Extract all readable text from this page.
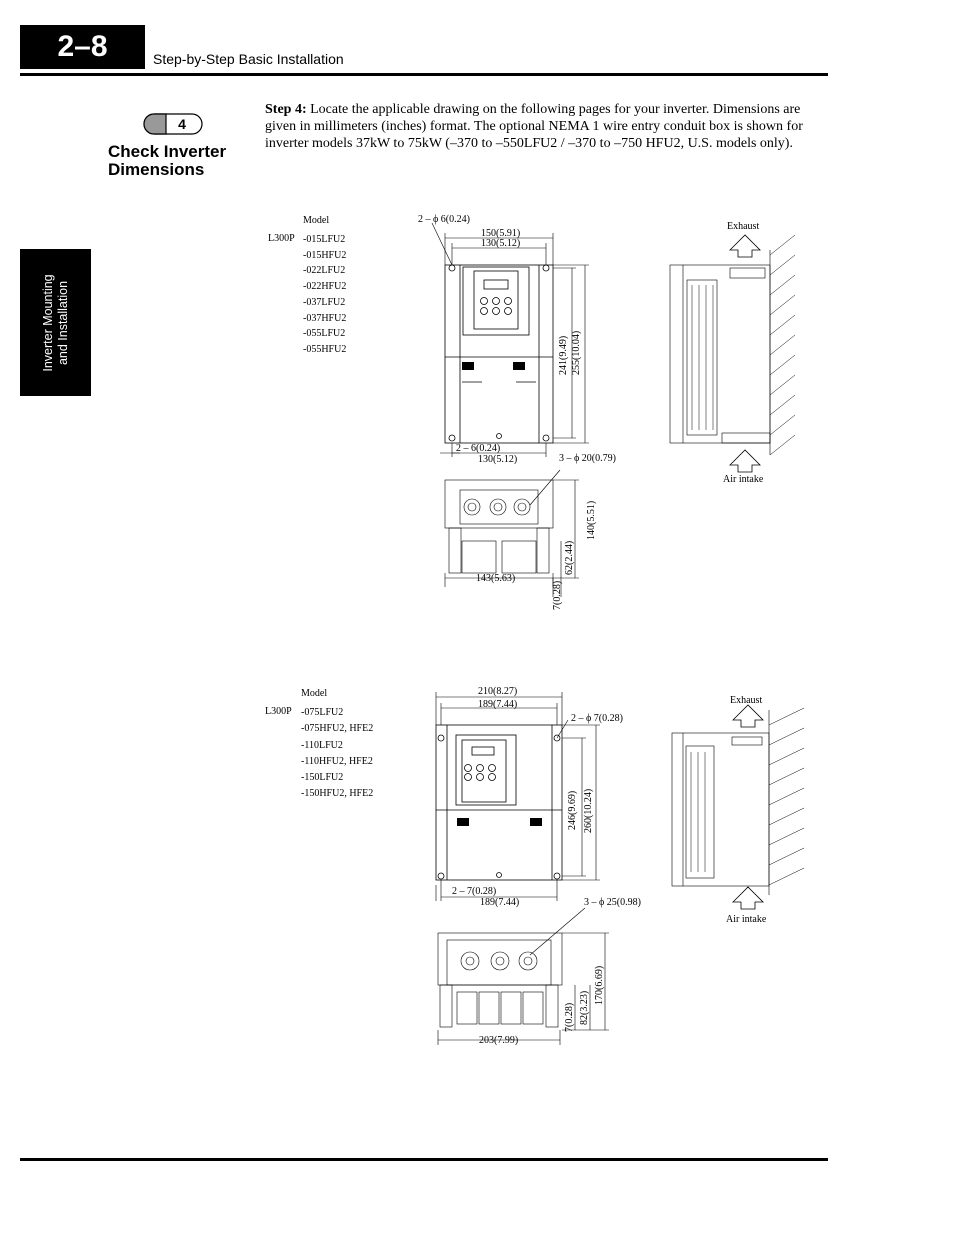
2–8	Step-by-Step Basic Installation
Inverter Mounting and Installation
4
Check Inverter
Dimensions
Step 4: Locate the applicable drawing on the following pages for your inverter. Dimensions are given in millimeters (inches) format. The optional NEMA 1 wire entry conduit box is shown for inverter models 37kW to 75kW (–370 to –550LFU2 / –370 to –750 HFU2, U.S. models only).
Model
L300P -015LFU2
-015HFU2
-022LFU2
-022HFU2
-037LFU2
-037HFU2
-055LFU2
-055HFU2
2 – ϕ 6(0.24)
150(5.91)
130(5.12)
241(9.49) 255(10.04)
2 – 6(0.24)
130(5.12)	3 – ϕ 20(0.79)
140(5.51)
62(2.44)
143(5.63)
7(0.28)
Exhaust
Air intake
Model
L300P -075LFU2
-075HFU2, HFE2
-110LFU2
-110HFU2, HFE2
-150LFU2
-150HFU2, HFE2
210(8.27)
189(7.44)
2 – ϕ 7(0.28)
246(9.69) 260(10.24)
2 – 7(0.28)
189(7.44)	3 – ϕ 25(0.98)
170(6.69)
82(3.23)
7(0.28)
203(7.99)
Exhaust
Air intake
